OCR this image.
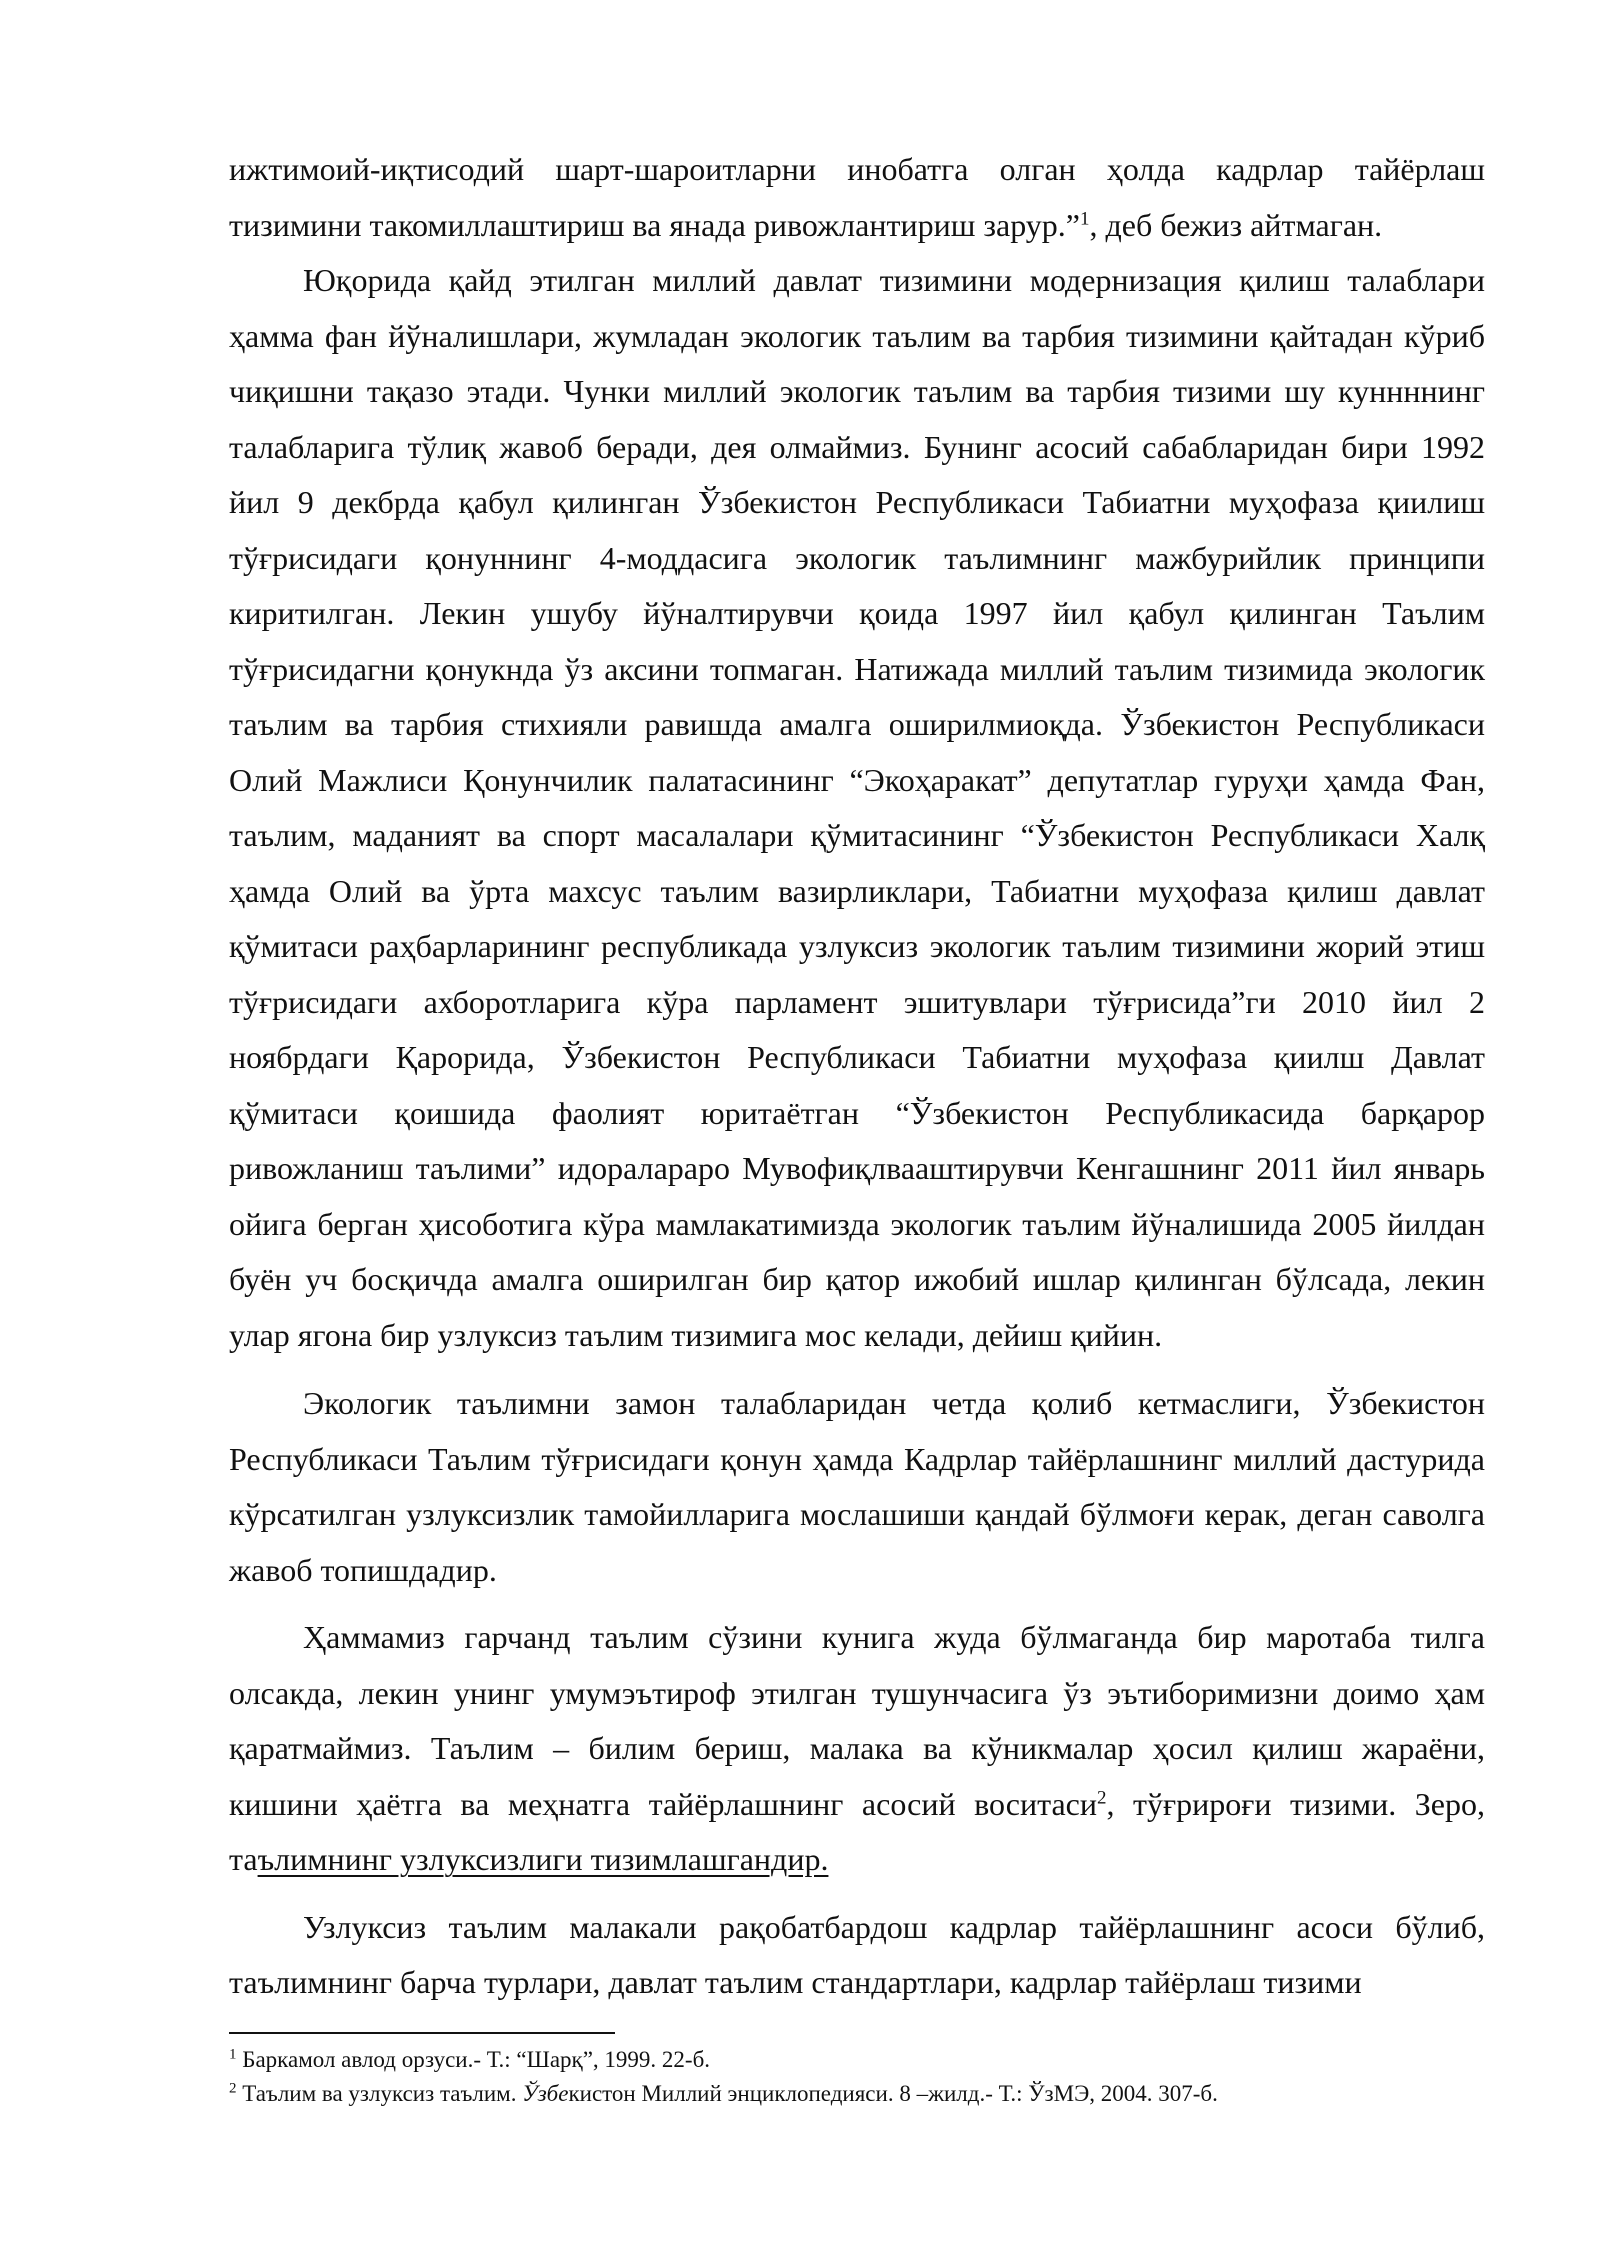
ижтимоий-иқтисодий шарт-шароитларни инобатга олган ҳолда кадрлар тайёрлаш тизимини такомиллаштириш ва янада ривожлантириш зарур.”$^1$, деб бежиз айтмаган.

Юқорида қайд этилган миллий давлат тизимини модернизация қилиш талаблари ҳамма фан йўналишлари, жумладан экологик таълим ва тарбия тизимини қайтадан кўриб чиқишни тақазо этади. Чунки миллий экологик таълим ва тарбия тизими шу куннннинг талабларига тўлиқ жавоб беради, дея олмаймиз. Бунинг асосий сабабларидан бири 1992 йил 9 декбрда қабул қилинган Ўзбекистон Республикаси Табиатни муҳофаза қиилиш тўғрисидаги қонуннинг 4-моддасига экологик таълимнинг мажбурийлик принципи киритилган. Лекин ушубу йўналтирувчи қоида 1997 йил қабул қилинган Таълим тўғрисидагни қонукнда ўз аксини топмаган. Натижада миллий таълим тизимида экологик таълим ва тарбия стихияли равишда амалга оширилмиоқда. Ўзбекистон Республикаси Олий Мажлиси Қонунчилик палатасининг “Экоҳаракат” депутатлар гуруҳи ҳамда Фан, таълим, маданият ва спорт масалалари қўмитасининг “Ўзбекистон Республикаси Халқ ҳамда Олий ва ўрта махсус таълим вазирликлари, Табиатни муҳофаза қилиш давлат қўмитаси раҳбарларининг республикада узлуксиз экологик таълим тизимини жорий этиш тўғрисидаги ахборотларига кўра парламент эшитувлари тўғрисида”ги 2010 йил 2 ноябрдаги Қарорида, Ўзбекистон Республикаси Табиатни муҳофаза қиилш Давлат қўмитаси қоишида фаолият юритаётган “Ўзбекистон Республикасида барқарор ривожланиш таълими” идоралараро Мувофиқлвааштирувчи Кенгашнинг 2011 йил январь ойига берган ҳисоботига кўра мамлакатимизда экологик таълим йўналишида 2005 йилдан буён уч босқичда амалга оширилган бир қатор ижобий ишлар қилинган бўлсада, лекин улар ягона бир узлуксиз таълим тизимига мос келади, дейиш қийин.

Экологик таълимни замон талабларидан четда қолиб кетмаслиги, Ўзбекистон Республикаси Таълим тўғрисидаги қонун ҳамда Кадрлар тайёрлашнинг миллий дастурида кўрсатилган узлуксизлик тамойилларига мослашиши қандай бўлмоғи керак, деган саволга жавоб топишдадир.

Ҳаммамиз гарчанд таълим сўзини кунига жуда бўлмаганда бир маротаба тилга олсакда, лекин унинг умумэътироф этилган тушунчасига ўз эътиборимизни доимо ҳам қаратмаймиз. Таълим – билим бериш, малака ва кўникмалар ҳосил қилиш жараёни, кишини ҳаётга ва меҳнатга тайёрлашнинг асосий воситаси$^2$, тўғрироғи тизими. Зеро, таълимнинг узлуксизлиги тизимлашгандир.

Узлуксиз таълим малакали рақобатбардош кадрлар тайёрлашнинг асоси бўлиб, таълимнинг барча турлари, давлат таълим стандартлари, кадрлар тайёрлаш тизими

$^1$ Баркамол авлод орзуси.- Т.: “Шарқ”, 1999. 22-б.

$^2$ Таълим ва узлуксиз таълим. Ўзбекистон Миллий энциклопедияси. 8 –жилд.- Т.: ЎзМЭ, 2004. 307-б.
